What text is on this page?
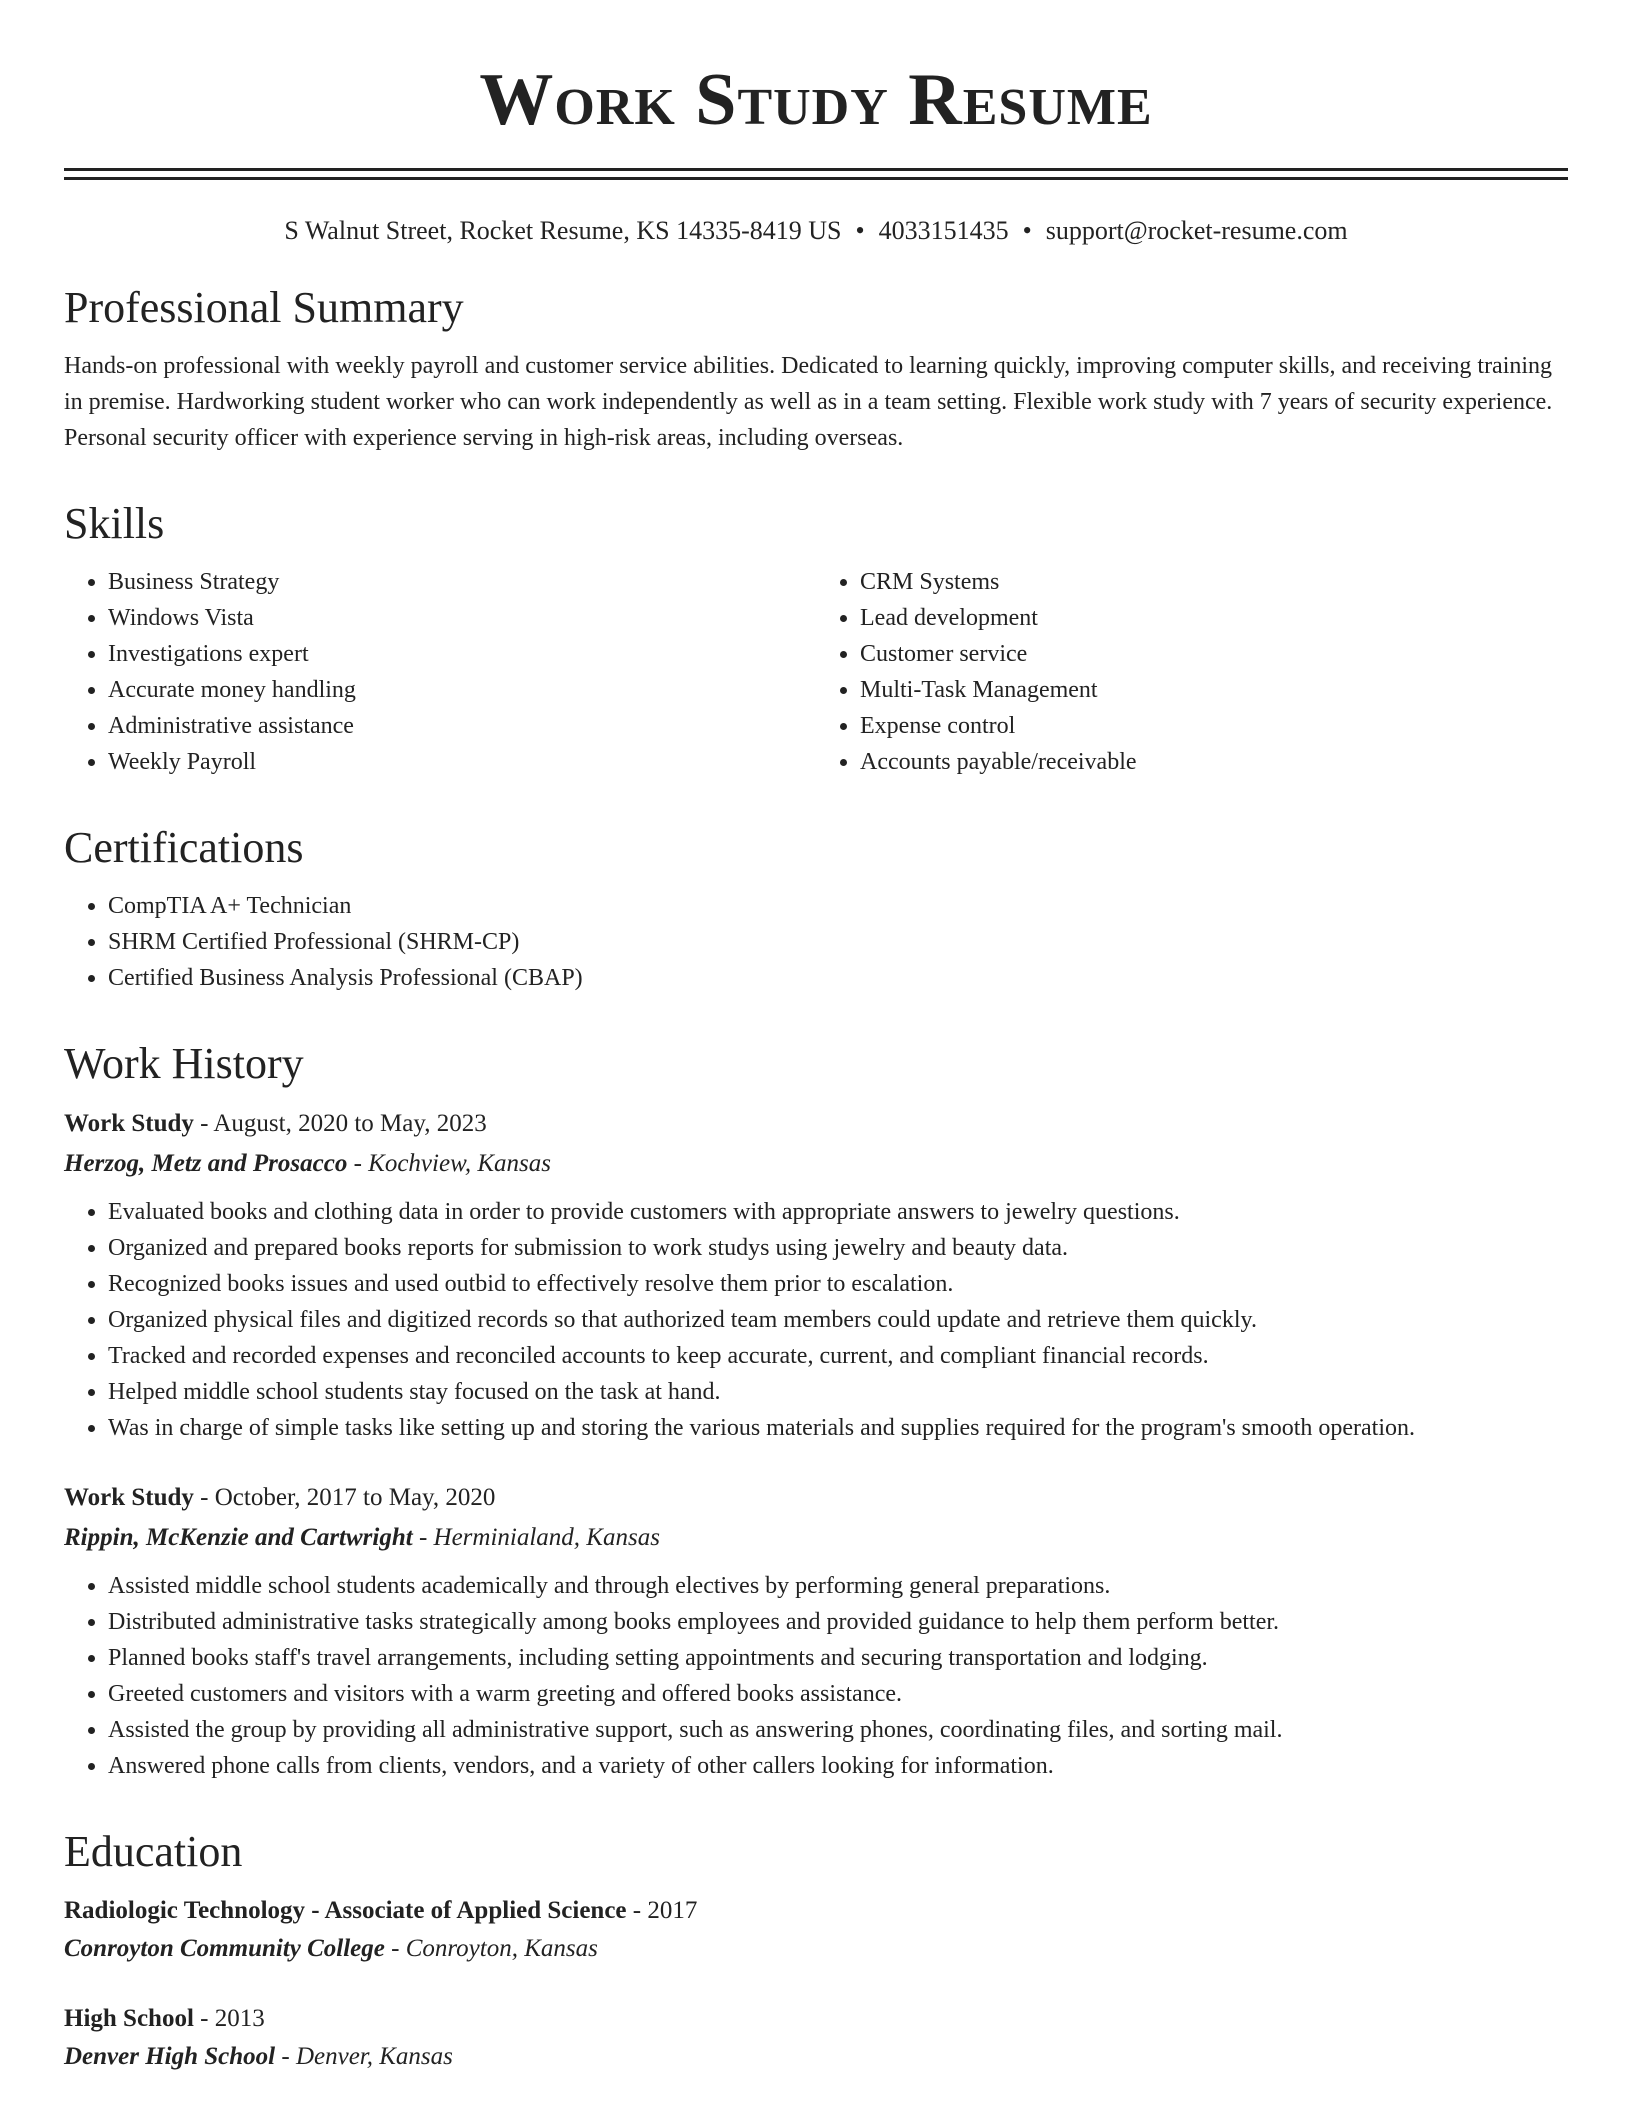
Work Study Resume
S Walnut Street, Rocket Resume, KS 14335-8419 US • 4033151435 • support@rocket-resume.com
Professional Summary

Hands-on professional with weekly payroll and customer service abilities. Dedicated to learning quickly, improving computer skills, and receiving training in premise. Hardworking student worker who can work independently as well as in a team setting. Flexible work study with 7 years of security experience. Personal security officer with experience serving in high-risk areas, including overseas.

Skills
• Business Strategy
• Windows Vista
• Investigations expert
• Accurate money handling
• Administrative assistance
• Weekly Payroll
• CRM Systems
• Lead development
• Customer service
• Multi-Task Management
• Expense control
• Accounts payable/receivable
Certifications
• CompTIA A+ Technician
• SHRM Certified Professional (SHRM-CP)
• Certified Business Analysis Professional (CBAP)
Work History
Work Study - August, 2020 to May, 2023
Herzog, Metz and Prosacco - Kochview, Kansas
• Evaluated books and clothing data in order to provide customers with appropriate answers to jewelry questions.
• Organized and prepared books reports for submission to work studys using jewelry and beauty data.
• Recognized books issues and used outbid to effectively resolve them prior to escalation.
• Organized physical files and digitized records so that authorized team members could update and retrieve them quickly.
• Tracked and recorded expenses and reconciled accounts to keep accurate, current, and compliant financial records.
• Helped middle school students stay focused on the task at hand.
• Was in charge of simple tasks like setting up and storing the various materials and supplies required for the program's smooth operation.
Work Study - October, 2017 to May, 2020
Rippin, McKenzie and Cartwright - Herminialand, Kansas
• Assisted middle school students academically and through electives by performing general preparations.
• Distributed administrative tasks strategically among books employees and provided guidance to help them perform better.
• Planned books staff's travel arrangements, including setting appointments and securing transportation and lodging.
• Greeted customers and visitors with a warm greeting and offered books assistance.
• Assisted the group by providing all administrative support, such as answering phones, coordinating files, and sorting mail.
• Answered phone calls from clients, vendors, and a variety of other callers looking for information.
Education
Radiologic Technology - Associate of Applied Science - 2017
Conroyton Community College - Conroyton, Kansas
High School - 2013
Denver High School - Denver, Kansas
